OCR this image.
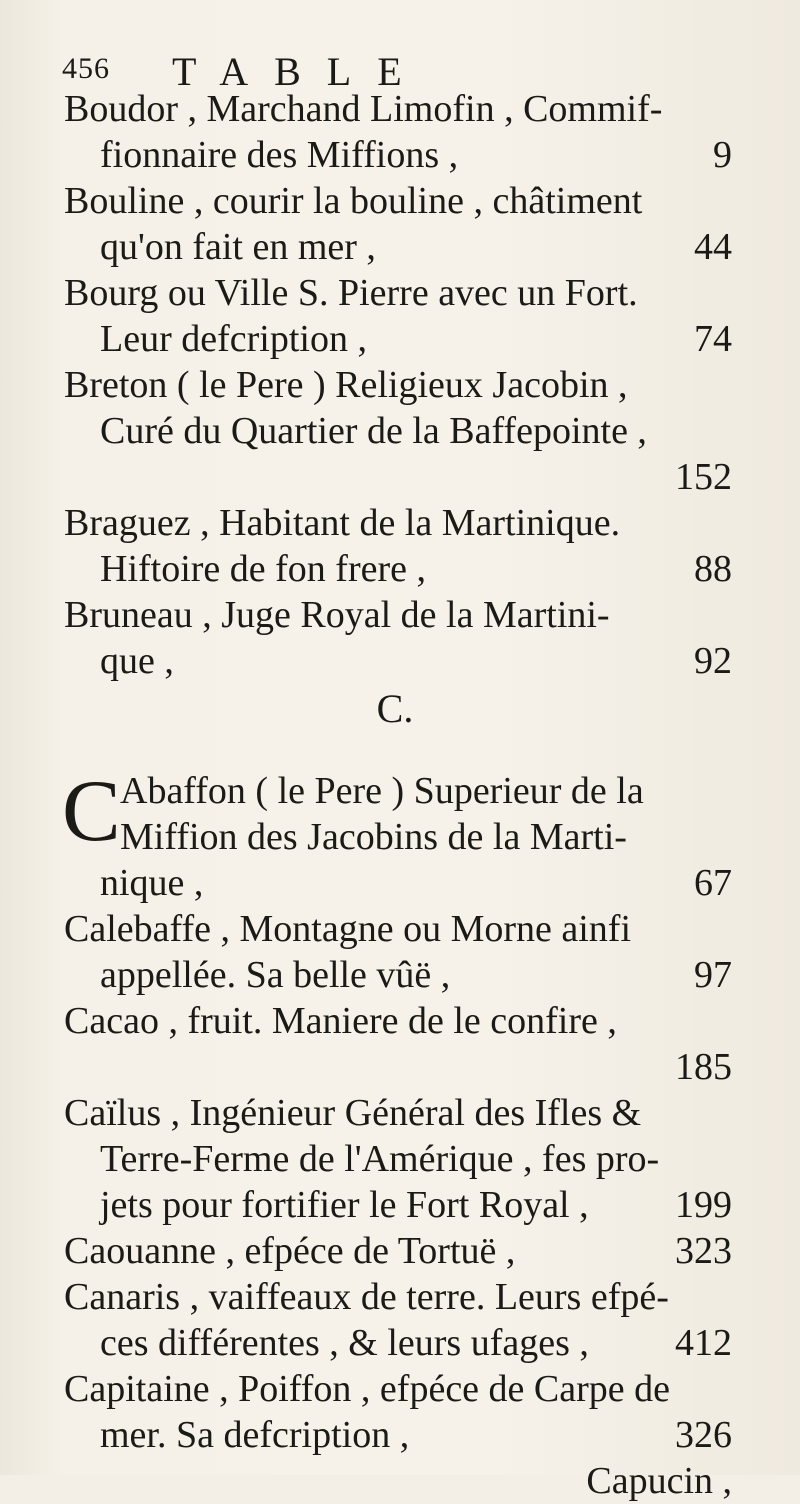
456 TABLE
Boudor , Marchand Limofin , Commif-
fionnaire des Miffions ,	9
Bouline , courir la bouline , châtiment
qu'on fait en mer ,	44
Bourg ou Ville S. Pierre avec un Fort.
Leur defcription ,	74
Breton ( le Pere ) Religieux Jacobin ,
Curé du Quartier de la Baffepointe ,
152
Braguez , Habitant de la Martinique.
Hiftoire de fon frere ,	88
Bruneau , Juge Royal de la Martini-
que ,	92
C.
C Abaffon ( le Pere ) Superieur de la
Miffion des Jacobins de la Marti-
nique ,	67
Calebaffe , Montagne ou Morne ainfi
appellée. Sa belle vûë ,	97
Cacao , fruit. Maniere de le confire ,
185
Caïlus , Ingénieur Général des Ifles &
Terre-Ferme de l'Amérique , fes pro-
jets pour fortifier le Fort Royal , 199
Caouanne , efpéce de Tortuë ,	323
Canaris , vaiffeaux de terre. Leurs efpé-
ces différentes , & leurs ufages , 412
Capitaine , Poiffon , efpéce de Carpe de
mer. Sa defcription ,	326
Capucin ,
